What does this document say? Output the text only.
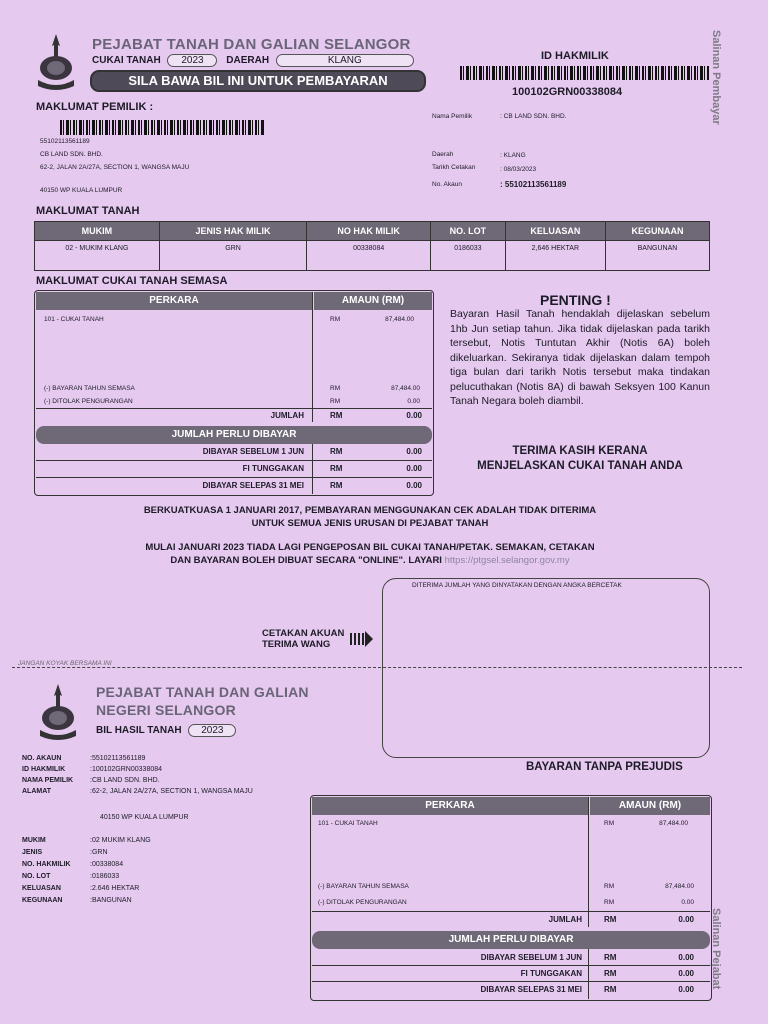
PEJABAT TANAH DAN GALIAN SELANGOR
CUKAI TANAH 2023 DAERAH	KLANG
SILA BAWA BIL INI UNTUK PEMBAYARAN
ID HAKMILIK
100102GRN00338084	Salinan Pembayar
MAKLUMAT PEMILIK :
55102113561189
CB LAND SDN. BHD.
62-2, JALAN 2A/27A, SECTION 1, WANGSA MAJU
40150 WP KUALA LUMPUR
Nama Pemilik	: CB LAND SDN. BHD.
Daerah	: KLANG
Tarikh Cetakan	: 08/03/2023
No. Akaun	: 55102113561189
MAKLUMAT TANAH
MUKIM	JENIS HAK MILIK	NO HAK MILIK	NO. LOT	KELUASAN	KEGUNAAN
02 - MUKIM KLANG	GRN	00338084	0186033	2,646 HEKTAR	BANGUNAN
MAKLUMAT CUKAI TANAH SEMASA
PERKARA	AMAUN (RM)
101 - CUKAI TANAH	RM	87,484.00
(-) BAYARAN TAHUN SEMASA	RM	87,484.00
(-) DITOLAK PENGURANGAN	RM	0.00
JUMLAH	RM	0.00
JUMLAH PERLU DIBAYAR
DIBAYAR SEBELUM 1 JUN	RM	0.00
FI TUNGGAKAN	RM	0.00
DIBAYAR SELEPAS 31 MEI	RM	0.00
PENTING !
Bayaran Hasil Tanah hendaklah dijelaskan sebelum 1hb Jun setiap tahun. Jika tidak dijelaskan pada tarikh tersebut, Notis Tuntutan Akhir (Notis 6A) boleh dikeluarkan. Sekiranya tidak dijelaskan dalam tempoh tiga bulan dari tarikh Notis tersebut maka tindakan pelucuthakan (Notis 8A) di bawah Seksyen 100 Kanun Tanah Negara boleh diambil.
TERIMA KASIH KERANA
MENJELASKAN CUKAI TANAH ANDA
BERKUATKUASA 1 JANUARI 2017, PEMBAYARAN MENGGUNAKAN CEK ADALAH TIDAK DITERIMA
UNTUK SEMUA JENIS URUSAN DI PEJABAT TANAH
MULAI JANUARI 2023 TIADA LAGI PENGEPOSAN BIL CUKAI TANAH/PETAK. SEMAKAN, CETAKAN
DAN BAYARAN BOLEH DIBUAT SECARA "ONLINE". LAYARI https://ptgsel.selangor.gov.my
DITERIMA JUMLAH YANG DINYATAKAN DENGAN ANGKA BERCETAK
CETAKAN AKUAN
TERIMA WANG
JANGAN KOYAK BERSAMA INI
PEJABAT TANAH DAN GALIAN
NEGERI SELANGOR
BIL HASIL TANAH 2023
BAYARAN TANPA PREJUDIS
Salinan Pejabat
NO. AKAUN	: 55102113561189
ID HAKMILIK	: 100102GRN00338084
NAMA PEMILIK	: CB LAND SDN. BHD.
ALAMAT	: 62-2, JALAN 2A/27A, SECTION 1, WANGSA MAJU
40150 WP KUALA LUMPUR
MUKIM	: 02 MUKIM KLANG
JENIS	: GRN
NO. HAKMILIK	: 00338084
NO. LOT	: 0186033
KELUASAN	: 2.646 HEKTAR
KEGUNAAN	: BANGUNAN
PERKARA	AMAUN (RM)
101 - CUKAI TANAH	RM	87,484.00
(-) BAYARAN TAHUN SEMASA	RM	87,484.00
(-) DITOLAK PENGURANGAN	RM	0.00
JUMLAH	RM	0.00
JUMLAH PERLU DIBAYAR
DIBAYAR SEBELUM 1 JUN	RM	0.00
FI TUNGGAKAN	RM	0.00
DIBAYAR SELEPAS 31 MEI	RM	0.00
